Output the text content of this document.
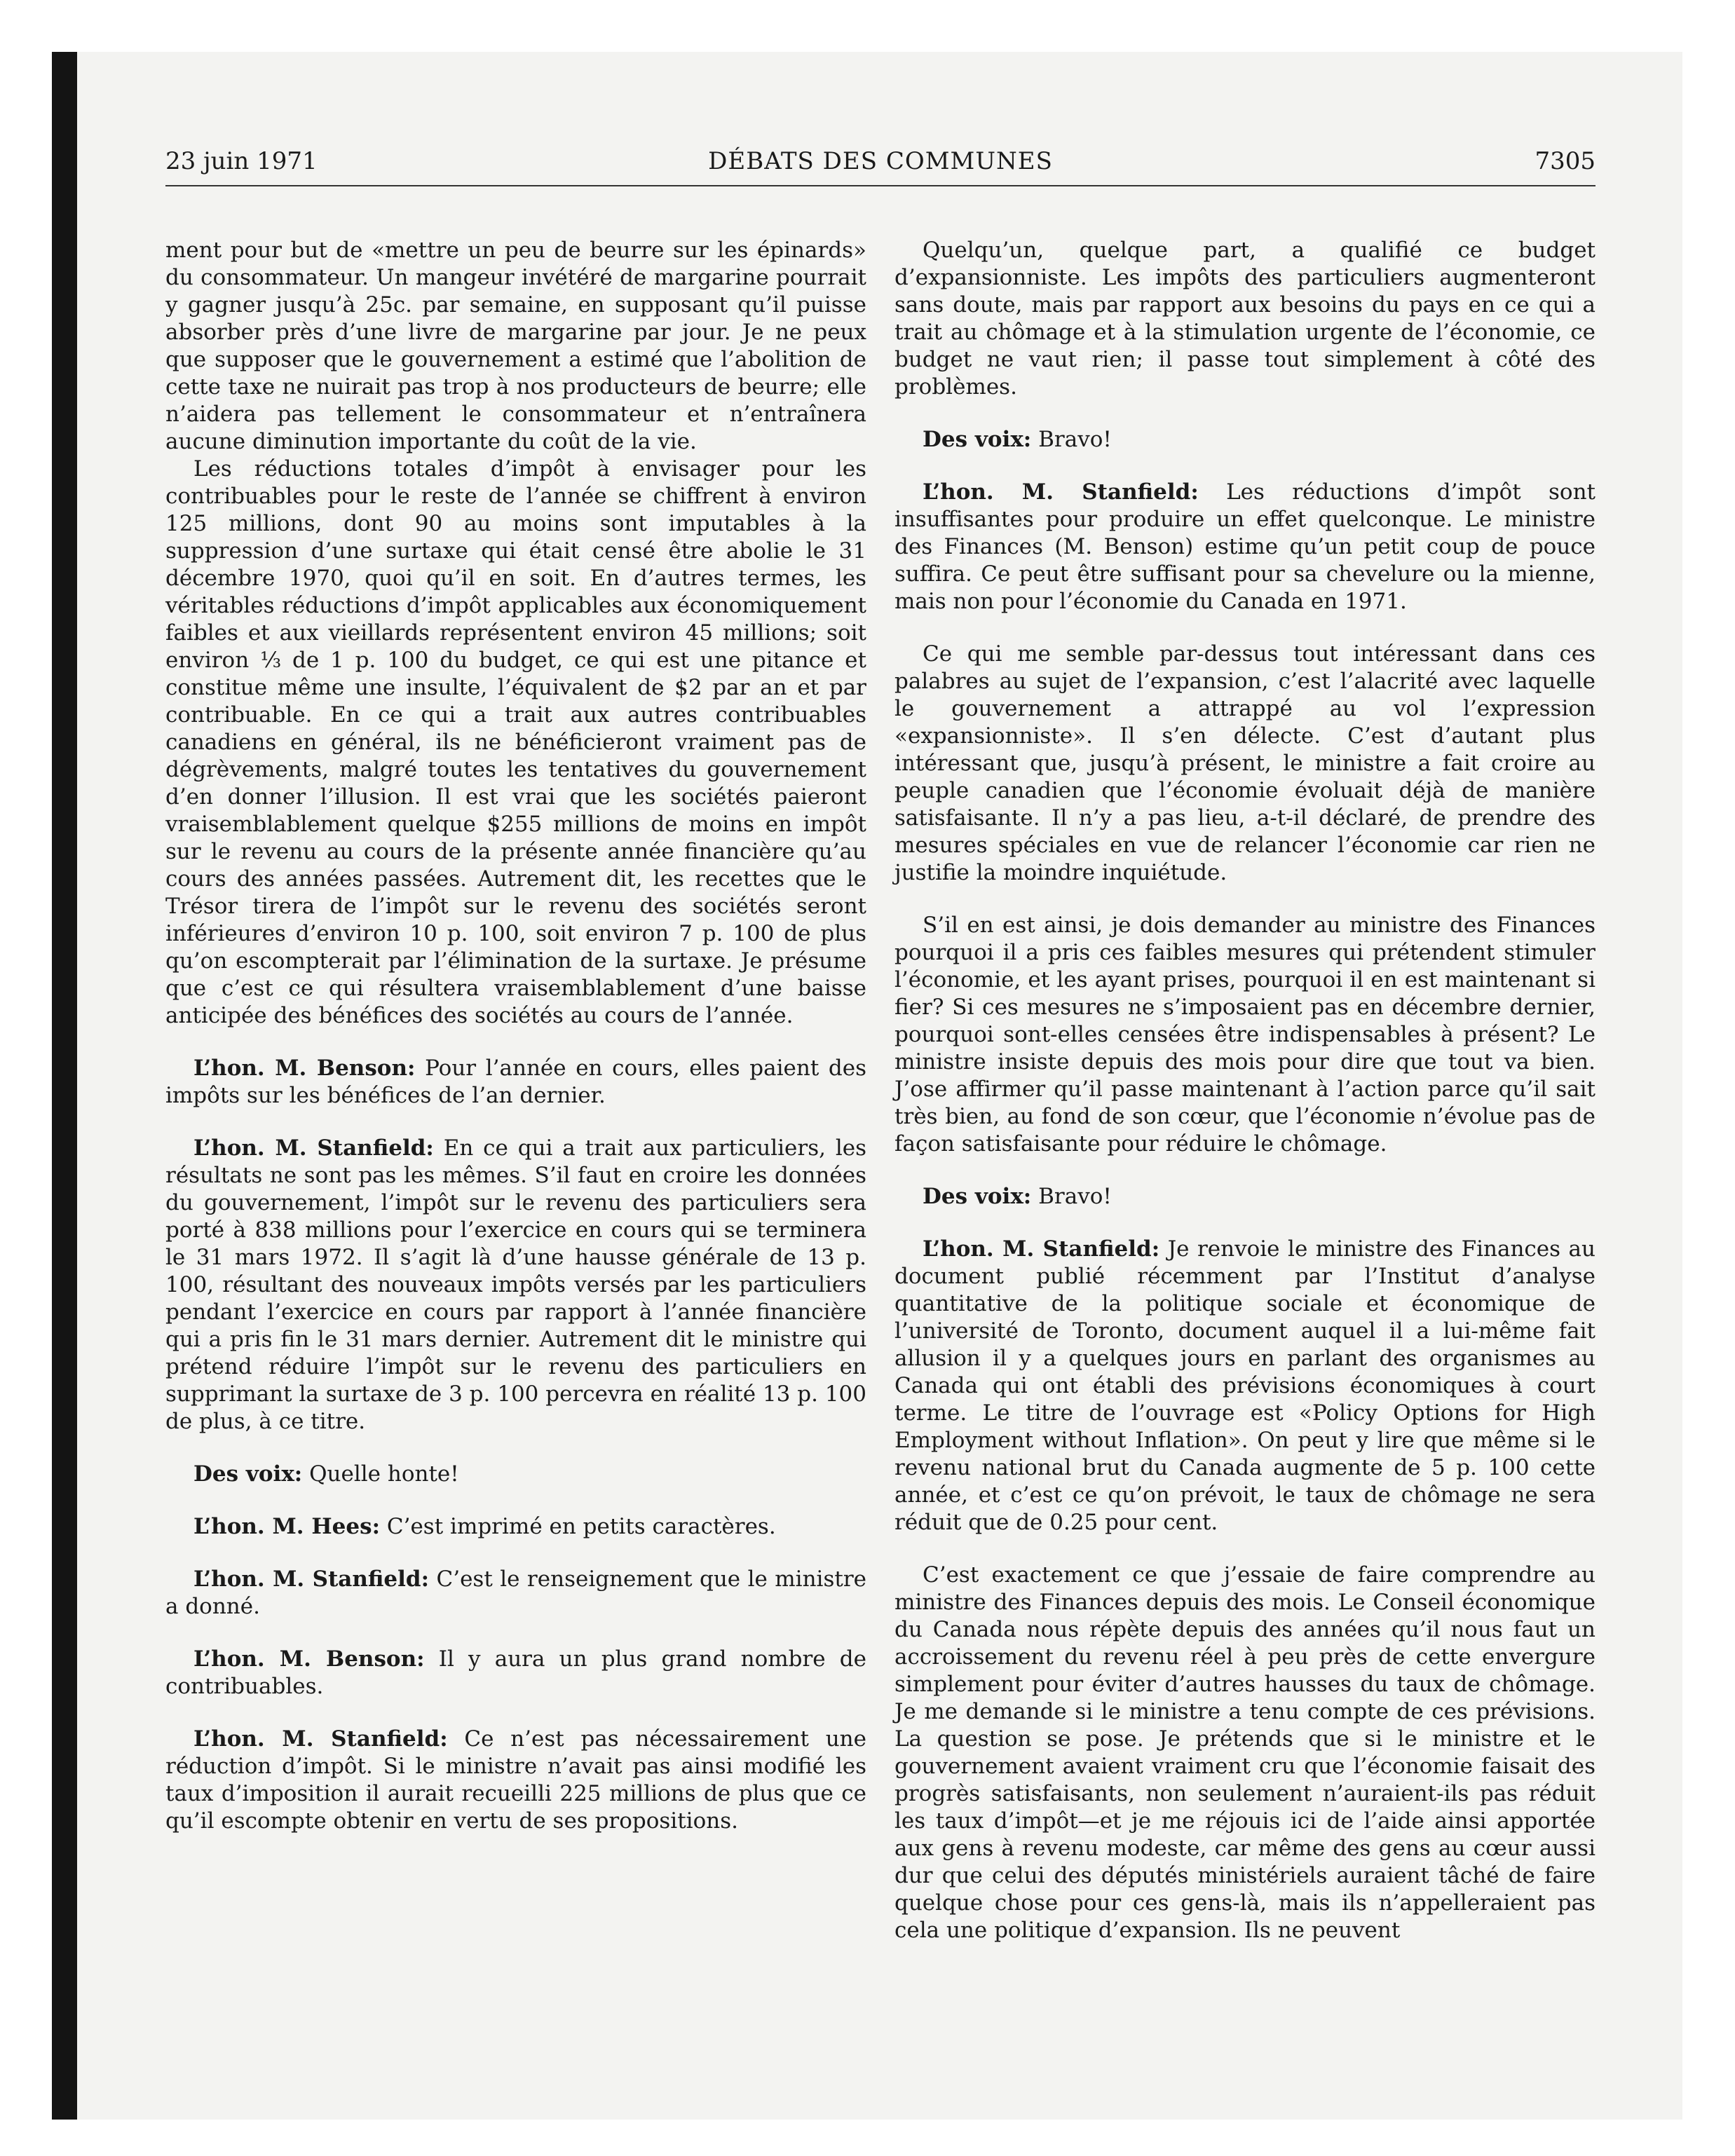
23 juin 1971	DÉBATS DES COMMUNES	7305

ment pour but de «mettre un peu de beurre sur les épinards» du consommateur. Un mangeur invétéré de margarine pourrait y gagner jusqu’à 25c. par semaine, en supposant qu’il puisse absorber près d’une livre de margarine par jour. Je ne peux que supposer que le gouvernement a estimé que l’abolition de cette taxe ne nuirait pas trop à nos producteurs de beurre; elle n’aidera pas tellement le consommateur et n’entraînera aucune diminution importante du coût de la vie.

Les réductions totales d’impôt à envisager pour les contribuables pour le reste de l’année se chiffrent à environ 125 millions, dont 90 au moins sont imputables à la suppression d’une surtaxe qui était censé être abolie le 31 décembre 1970, quoi qu’il en soit. En d’autres termes, les véritables réductions d’impôt applicables aux économiquement faibles et aux vieillards représentent environ 45 millions; soit environ ⅓ de 1 p. 100 du budget, ce qui est une pitance et constitue même une insulte, l’équivalent de $2 par an et par contribuable. En ce qui a trait aux autres contribuables canadiens en général, ils ne bénéficieront vraiment pas de dégrèvements, malgré toutes les tentatives du gouvernement d’en donner l’illusion. Il est vrai que les sociétés paieront vraisemblablement quelque $255 millions de moins en impôt sur le revenu au cours de la présente année financière qu’au cours des années passées. Autrement dit, les recettes que le Trésor tirera de l’impôt sur le revenu des sociétés seront inférieures d’environ 10 p. 100, soit environ 7 p. 100 de plus qu’on escompterait par l’élimination de la surtaxe. Je présume que c’est ce qui résultera vraisemblablement d’une baisse anticipée des bénéfices des sociétés au cours de l’année.

L’hon. M. Benson: Pour l’année en cours, elles paient des impôts sur les bénéfices de l’an dernier.

L’hon. M. Stanfield: En ce qui a trait aux particuliers, les résultats ne sont pas les mêmes. S’il faut en croire les données du gouvernement, l’impôt sur le revenu des particuliers sera porté à 838 millions pour l’exercice en cours qui se terminera le 31 mars 1972. Il s’agit là d’une hausse générale de 13 p. 100, résultant des nouveaux impôts versés par les particuliers pendant l’exercice en cours par rapport à l’année financière qui a pris fin le 31 mars dernier. Autrement dit le ministre qui prétend réduire l’impôt sur le revenu des particuliers en supprimant la surtaxe de 3 p. 100 percevra en réalité 13 p. 100 de plus, à ce titre.

Des voix: Quelle honte!

L’hon. M. Hees: C’est imprimé en petits caractères.

L’hon. M. Stanfield: C’est le renseignement que le ministre a donné.

L’hon. M. Benson: Il y aura un plus grand nombre de contribuables.

L’hon. M. Stanfield: Ce n’est pas nécessairement une réduction d’impôt. Si le ministre n’avait pas ainsi modifié les taux d’imposition il aurait recueilli 225 millions de plus que ce qu’il escompte obtenir en vertu de ses propositions.

Quelqu’un, quelque part, a qualifié ce budget d’expansionniste. Les impôts des particuliers augmenteront sans doute, mais par rapport aux besoins du pays en ce qui a trait au chômage et à la stimulation urgente de l’économie, ce budget ne vaut rien; il passe tout simplement à côté des problèmes.

Des voix: Bravo!

L’hon. M. Stanfield: Les réductions d’impôt sont insuffisantes pour produire un effet quelconque. Le ministre des Finances (M. Benson) estime qu’un petit coup de pouce suffira. Ce peut être suffisant pour sa chevelure ou la mienne, mais non pour l’économie du Canada en 1971.

Ce qui me semble par-dessus tout intéressant dans ces palabres au sujet de l’expansion, c’est l’alacrité avec laquelle le gouvernement a attrappé au vol l’expression «expansionniste». Il s’en délecte. C’est d’autant plus intéressant que, jusqu’à présent, le ministre a fait croire au peuple canadien que l’économie évoluait déjà de manière satisfaisante. Il n’y a pas lieu, a-t-il déclaré, de prendre des mesures spéciales en vue de relancer l’économie car rien ne justifie la moindre inquiétude.

S’il en est ainsi, je dois demander au ministre des Finances pourquoi il a pris ces faibles mesures qui prétendent stimuler l’économie, et les ayant prises, pourquoi il en est maintenant si fier? Si ces mesures ne s’imposaient pas en décembre dernier, pourquoi sont-elles censées être indispensables à présent? Le ministre insiste depuis des mois pour dire que tout va bien. J’ose affirmer qu’il passe maintenant à l’action parce qu’il sait très bien, au fond de son cœur, que l’économie n’évolue pas de façon satisfaisante pour réduire le chômage.

Des voix: Bravo!

L’hon. M. Stanfield: Je renvoie le ministre des Finances au document publié récemment par l’Institut d’analyse quantitative de la politique sociale et économique de l’université de Toronto, document auquel il a lui-même fait allusion il y a quelques jours en parlant des organismes au Canada qui ont établi des prévisions économiques à court terme. Le titre de l’ouvrage est «Policy Options for High Employment without Inflation». On peut y lire que même si le revenu national brut du Canada augmente de 5 p. 100 cette année, et c’est ce qu’on prévoit, le taux de chômage ne sera réduit que de 0.25 pour cent.

C’est exactement ce que j’essaie de faire comprendre au ministre des Finances depuis des mois. Le Conseil économique du Canada nous répète depuis des années qu’il nous faut un accroissement du revenu réel à peu près de cette envergure simplement pour éviter d’autres hausses du taux de chômage. Je me demande si le ministre a tenu compte de ces prévisions. La question se pose. Je prétends que si le ministre et le gouvernement avaient vraiment cru que l’économie faisait des progrès satisfaisants, non seulement n’auraient-ils pas réduit les taux d’impôt—et je me réjouis ici de l’aide ainsi apportée aux gens à revenu modeste, car même des gens au cœur aussi dur que celui des députés ministériels auraient tâché de faire quelque chose pour ces gens-là, mais ils n’appelleraient pas cela une politique d’expansion. Ils ne peuvent
